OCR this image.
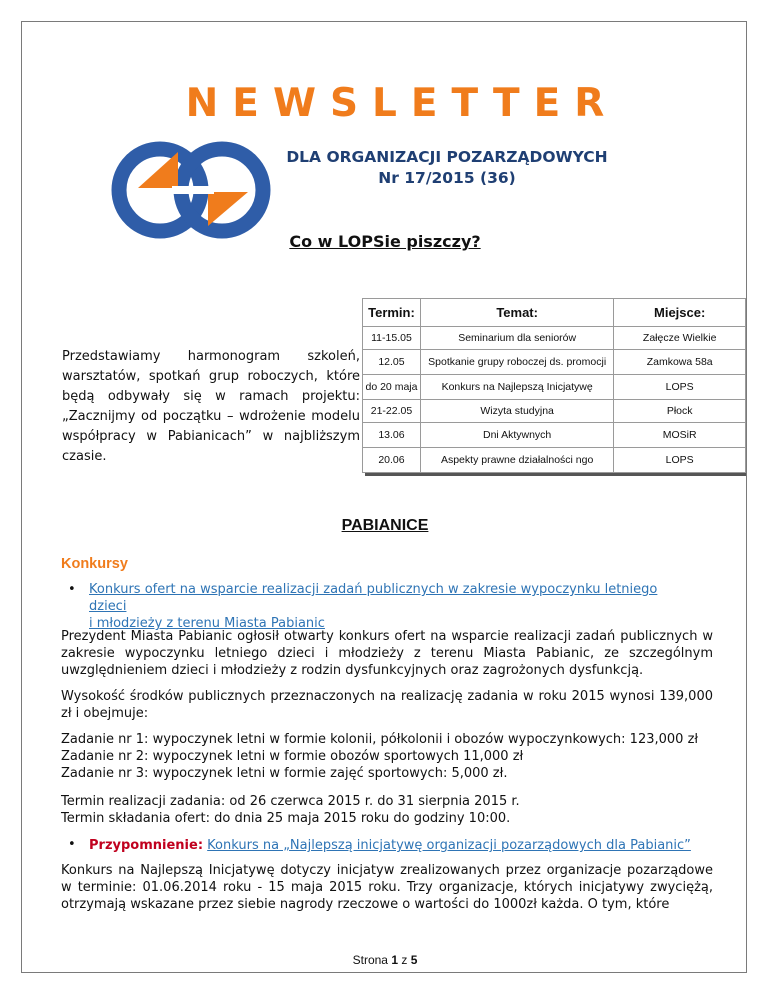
NEWSLETTER
DLA ORGANIZACJI POZARZĄDOWYCH
Nr 17/2015 (36)
Co w LOPSie piszczy?
Przedstawiamy harmonogram szkoleń, warsztatów, spotkań grup roboczych, które będą odbywały się w ramach projektu: „Zacznijmy od początku – wdrożenie modelu współpracy w Pabianicach” w najbliższym czasie.
Termin:	Temat:	Miejsce:
11-15.05	Seminarium dla seniorów	Załęcze Wielkie
12.05	Spotkanie grupy roboczej ds. promocji	Zamkowa 58a
do 20 maja	Konkurs na Najlepszą Inicjatywę	LOPS
21-22.05	Wizyta studyjna	Płock
13.06	Dni Aktywnych	MOSiR
20.06	Aspekty prawne działalności ngo	LOPS
PABIANICE
Konkursy
• Konkurs ofert na wsparcie realizacji zadań publicznych w zakresie wypoczynku letniego dzieci
i młodzieży z terenu Miasta Pabianic
Prezydent Miasta Pabianic ogłosił otwarty konkurs ofert na wsparcie realizacji zadań publicznych w zakresie wypoczynku letniego dzieci i młodzieży z terenu Miasta Pabianic, ze szczególnym uwzględnieniem dzieci i młodzieży z rodzin dysfunkcyjnych oraz zagrożonych dysfunkcją.
Wysokość środków publicznych przeznaczonych na realizację zadania w roku 2015 wynosi 139,000 zł i obejmuje:
Zadanie nr 1: wypoczynek letni w formie kolonii, półkolonii i obozów wypoczynkowych: 123,000 zł
Zadanie nr 2: wypoczynek letni w formie obozów sportowych 11,000 zł
Zadanie nr 3: wypoczynek letni w formie zajęć sportowych: 5,000 zł.
Termin realizacji zadania: od 26 czerwca 2015 r. do 31 sierpnia 2015 r.
Termin składania ofert: do dnia 25 maja 2015 roku do godziny 10:00.
• Przypomnienie: Konkurs na „Najlepszą inicjatywę organizacji pozarządowych dla Pabianic”
Konkurs na Najlepszą Inicjatywę dotyczy inicjatyw zrealizowanych przez organizacje pozarządowe w terminie: 01.06.2014 roku - 15 maja 2015 roku. Trzy organizacje, których inicjatywy zwyciężą, otrzymają wskazane przez siebie nagrody rzeczowe o wartości do 1000zł każda. O tym, które
Strona 1 z 5
